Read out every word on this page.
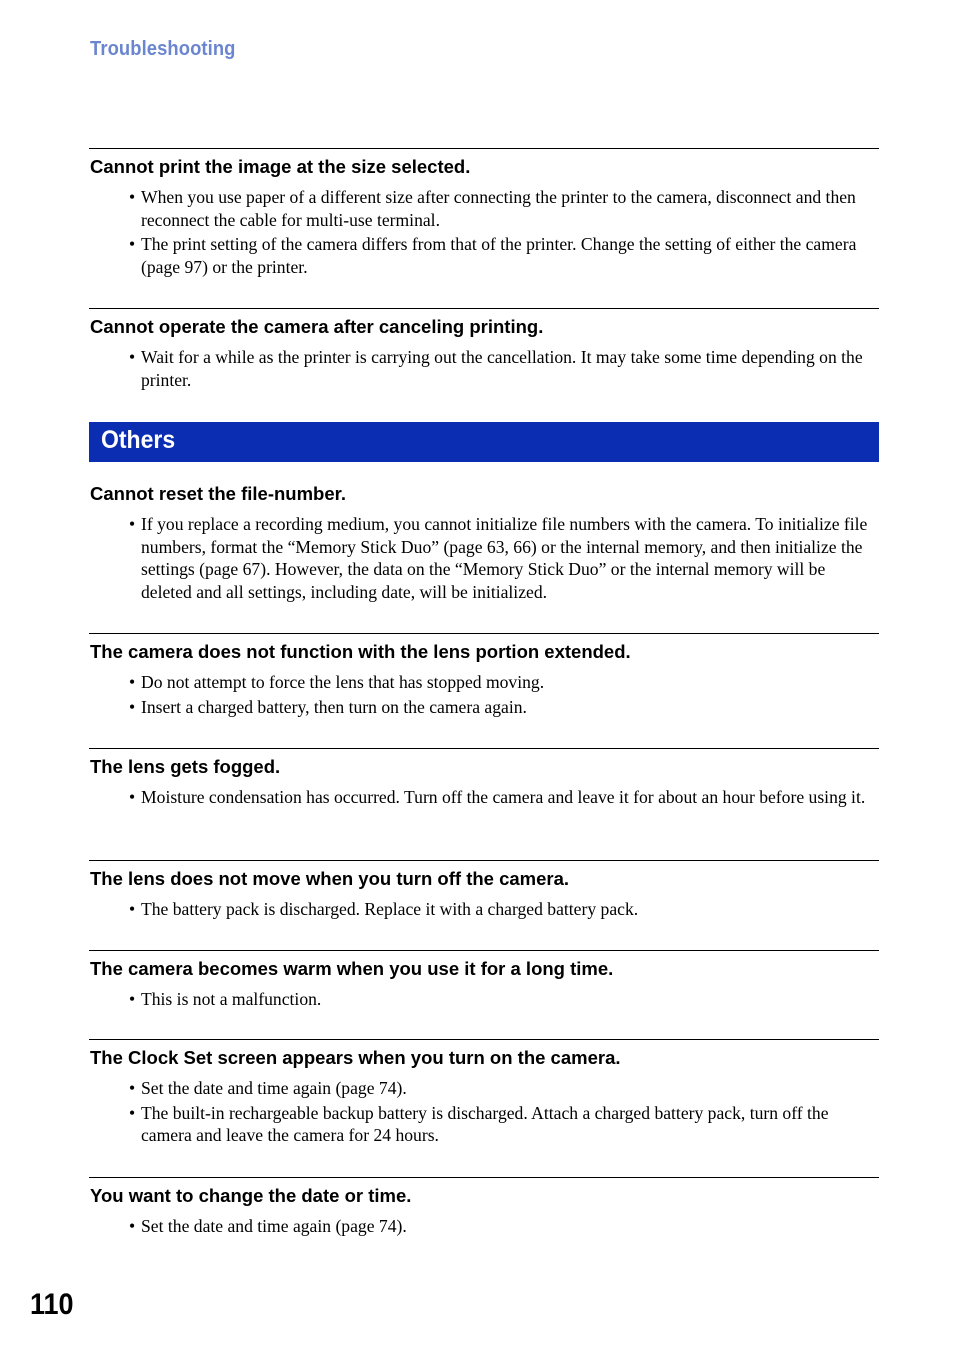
Troubleshooting
Cannot print the image at the size selected.
• When you use paper of a different size after connecting the printer to the camera, disconnect and then reconnect the cable for multi-use terminal.
• The print setting of the camera differs from that of the printer. Change the setting of either the camera (page 97) or the printer.
Cannot operate the camera after canceling printing.
• Wait for a while as the printer is carrying out the cancellation. It may take some time depending on the printer.
Others
Cannot reset the file-number.
• If you replace a recording medium, you cannot initialize file numbers with the camera. To initialize file numbers, format the “Memory Stick Duo” (page 63, 66) or the internal memory, and then initialize the settings (page 67). However, the data on the “Memory Stick Duo” or the internal memory will be deleted and all settings, including date, will be initialized.
The camera does not function with the lens portion extended.
• Do not attempt to force the lens that has stopped moving.
• Insert a charged battery, then turn on the camera again.
The lens gets fogged.
• Moisture condensation has occurred. Turn off the camera and leave it for about an hour before using it.
The lens does not move when you turn off the camera.
• The battery pack is discharged. Replace it with a charged battery pack.
The camera becomes warm when you use it for a long time.
• This is not a malfunction.
The Clock Set screen appears when you turn on the camera.
• Set the date and time again (page 74).
• The built-in rechargeable backup battery is discharged. Attach a charged battery pack, turn off the camera and leave the camera for 24 hours.
You want to change the date or time.
• Set the date and time again (page 74).
110
